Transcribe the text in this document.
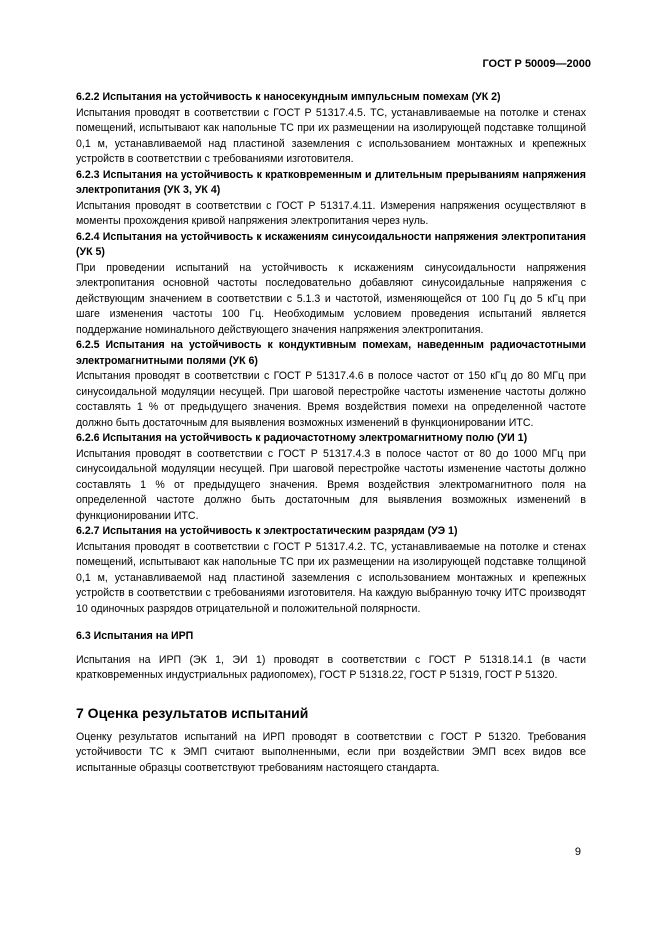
ГОСТ Р 50009—2000

6.2.2 Испытания на устойчивость к наносекундным импульсным помехам (УК 2)

Испытания проводят в соответствии с ГОСТ Р 51317.4.5. ТС, устанавливаемые на потолке и стенах помещений, испытывают как напольные ТС при их размещении на изолирующей подставке толщиной 0,1 м, устанавливаемой над пластиной заземления с использованием монтажных и крепежных устройств в соответствии с требованиями изготовителя.

6.2.3 Испытания на устойчивость к кратковременным и длительным прерываниям напряжения электропитания (УК 3, УК 4)

Испытания проводят в соответствии с ГОСТ Р 51317.4.11. Измерения напряжения осуществляют в моменты прохождения кривой напряжения электропитания через нуль.

6.2.4 Испытания на устойчивость к искажениям синусоидальности напряжения электропитания (УК 5)

При проведении испытаний на устойчивость к искажениям синусоидальности напряжения электропитания основной частоты последовательно добавляют синусоидальные напряжения с действующим значением в соответствии с 5.1.3 и частотой, изменяющейся от 100 Гц до 5 кГц при шаге изменения частоты 100 Гц. Необходимым условием проведения испытаний является поддержание номинального действующего значения напряжения электропитания.

6.2.5 Испытания на устойчивость к кондуктивным помехам, наведенным радиочастотными электромагнитными полями (УК 6)

Испытания проводят в соответствии с ГОСТ Р 51317.4.6 в полосе частот от 150 кГц до 80 МГц при синусоидальной модуляции несущей. При шаговой перестройке частоты изменение частоты должно составлять 1 % от предыдущего значения. Время воздействия помехи на определенной частоте должно быть достаточным для выявления возможных изменений в функционировании ИТС.

6.2.6 Испытания на устойчивость к радиочастотному электромагнитному полю (УИ 1)

Испытания проводят в соответствии с ГОСТ Р 51317.4.3 в полосе частот от 80 до 1000 МГц при синусоидальной модуляции несущей. При шаговой перестройке частоты изменение частоты должно составлять 1 % от предыдущего значения. Время воздействия электромагнитного поля на определенной частоте должно быть достаточным для выявления возможных изменений в функционировании ИТС.

6.2.7 Испытания на устойчивость к электростатическим разрядам (УЭ 1)

Испытания проводят в соответствии с ГОСТ Р 51317.4.2. ТС, устанавливаемые на потолке и стенах помещений, испытывают как напольные ТС при их размещении на изолирующей подставке толщиной 0,1 м, устанавливаемой над пластиной заземления с использованием монтажных и крепежных устройств в соответствии с требованиями изготовителя. На каждую выбранную точку ИТС производят 10 одиночных разрядов отрицательной и положительной полярности.

6.3 Испытания на ИРП

Испытания на ИРП (ЭК 1, ЭИ 1) проводят в соответствии с ГОСТ Р 51318.14.1 (в части кратковременных индустриальных радиопомех), ГОСТ Р 51318.22, ГОСТ Р 51319, ГОСТ Р 51320.

7 Оценка результатов испытаний

Оценку результатов испытаний на ИРП проводят в соответствии с ГОСТ Р 51320. Требования устойчивости ТС к ЭМП считают выполненными, если при воздействии ЭМП всех видов все испытанные образцы соответствуют требованиям настоящего стандарта.

9
